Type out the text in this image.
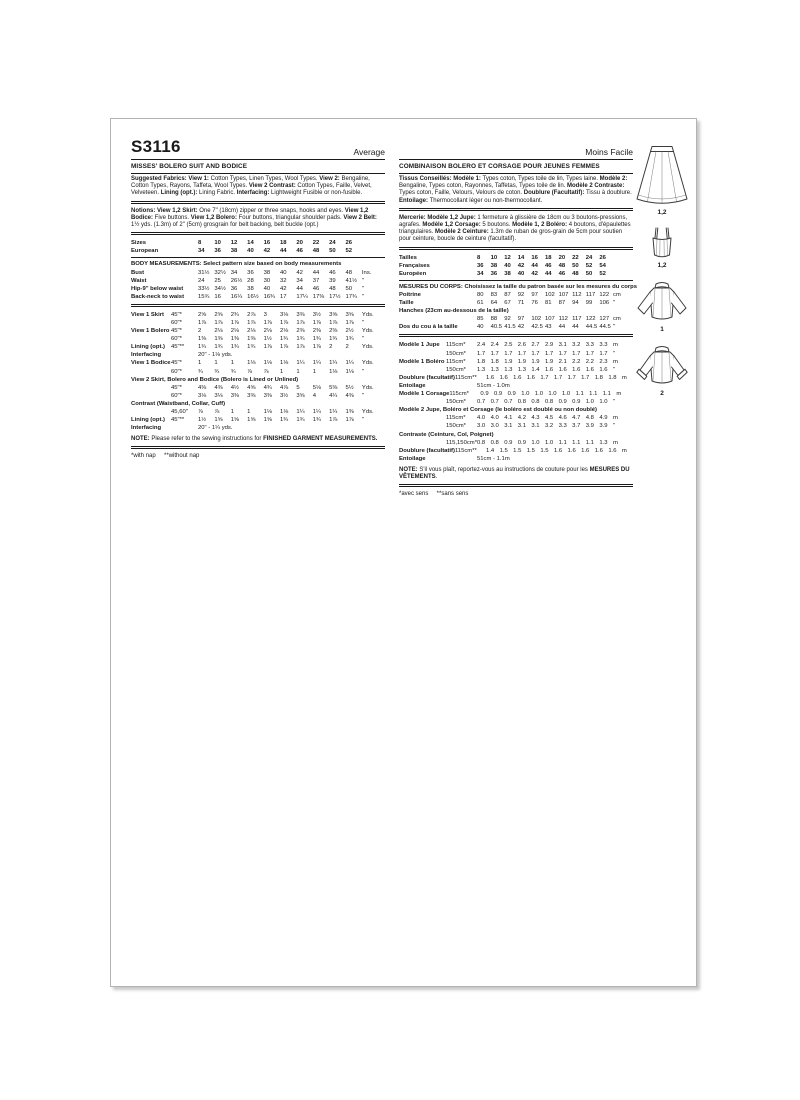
S3116	Average
MISSES' BOLERO SUIT AND BODICE

Suggested Fabrics: View 1: Cotton Types, Linen Types, Wool Types. View 2: Bengaline, Cotton Types, Rayons, Taffeta, Wool Types. View 2 Contrast: Cotton Types, Faille, Velvet, Velveteen. Lining (opt.): Lining Fabric. Interfacing: Lightweight Fusible or non-fusible.

Notions: View 1,2 Skirt: One 7" (18cm) zipper or three snaps, hooks and eyes. View 1,2 Bodice: Five buttons. View 1,2 Bolero: Four buttons, triangular shoulder pads. View 2 Belt: 1½ yds. (1.3m) of 2" (5cm) grosgrain for belt backing, belt buckle (opt.)

Sizes	8	10	12	14	16	18	20	22	24	26
European	34	36	38	40	42	44	46	48	50	52
BODY MEASUREMENTS: Select pattern size based on body measurements
Bust	31½ 32½ 34	36	38	40	42	44	46	48	Ins.
Waist	24	25	26½ 28	30	32	34	37	39	41½ "
Hip-9" below waist	33½ 34½ 36	38	40	42	44	46	48	50	"
Back-neck to waist	15¾ 16	16¼ 16½ 16¾ 17	17¼ 17⅜ 17½ 17¾ "
View 1 Skirt	45"*	2⅝	2⅝	2¾	2⅞	3	3⅛	3⅜	3½	3⅝	3⅝	Yds.
60"*	1⅞	1⅞	1⅞	1⅞	1⅞	1⅞	1⅞	1⅞	1⅞	1⅞	"
View 1 Bolero 45"*	2	2⅛	2⅛	2⅛	2⅛	2⅛	2⅜	2⅜	2⅜	2½	Yds.
60"*	1⅜	1⅜	1⅜	1⅜	1½	1¾	1¾	1¾	1¾	1¾	"
Lining (opt.)	45"**	1¾	1¾	1¾	1¾	1⅞	1⅞	1⅞	1⅞	2	2	Yds.
Interfacing	20" - 1⅛ yds.
View 1 Bodice 45"*	1	1	1	1⅛	1⅛	1⅛	1¼	1¼	1¼	1¼	Yds.
60"*	¾	¾	¾	⅞	⅞	1	1	1	1⅛	1⅛	"
View 2 Skirt, Bolero and Bodice (Bolero is Lined or Unlined)
45"*	4⅜	4⅜	4½	4⅝	4¾	4⅞	5	5⅛	5⅜	5½	Yds.
60"*	3⅛	3⅛	3⅜	3⅜	3⅜	3½	3⅝	4	4¼	4⅜	"
Contrast (Waistband, Collar, Cuff)
45,60"	⅞	⅞	1	1	1⅛	1⅛	1¼	1¼	1¼	1⅜	Yds.
Lining (opt.)	45"**	1½	1⅝	1⅝	1⅝	1⅝	1¾	1¾	1¾	1⅞	1⅞	"
Interfacing	20" - 1¼ yds.

NOTE: Please refer to the sewing instructions for FINISHED GARMENT MEASUREMENTS.

*with nap     **without nap

Moins Facile
COMBINAISON BOLERO ET CORSAGE POUR JEUNES FEMMES

Tissus Conseillés: Modèle 1: Types coton, Types toile de lin, Types laine. Modèle 2: Bengaline, Types coton, Rayonnes, Taffetas, Types toile de lin. Modèle 2 Contraste: Types coton, Faille, Velours, Velours de coton. Doublure (Facultatif): Tissu à doublure. Entoilage: Thermocollant léger ou non-thermocollant.

Mercerie: Modèle 1,2 Jupe: 1 fermeture à glissière de 18cm ou 3 boutons-pressions, agrafes. Modèle 1,2 Corsage: 5 boutons. Modèle 1, 2 Boléro: 4 boutons, d'épaulettes triangulaires. Modèle 2 Ceinture: 1.3m de ruban de gros-grain de 5cm pour soutien pour ceinture, boucle de ceinture (facultatif).

Tailles	8	10	12	14	16	18	20	22	24	26
Françaises	36	38	40	42	44	46	48	50	52	54
Européen	34	36	38	40	42	44	46	48	50	52
MESURES DU CORPS: Choisissez la taille du patron basée sur les mesures du corps
Poitrine	80	83	87	92	97	102 107 112 117 122 cm
Taille	61	64	67	71	76	81	87	94	99	106 "
Hanches (23cm au-dessous de la taille)
85	88	92	97	102 107 112 117 122 127 cm
Dos du cou à la taille	40	40.5 41.5 42	42.5 43	44	44	44.5 44.5 "
Modèle 1 Jupe	115cm*	2.4 2.4 2.5 2.6 2.7 2.9 3.1 3.2 3.3 3.3 m
150cm*	1.7 1.7 1.7 1.7 1.7 1.7 1.7 1.7 1.7 1.7 "
Modèle 1 Boléro 115cm*	1.8 1.8 1.9 1.9 1.9 1.9 2.1 2.2 2.2 2.3 m
150cm*	1.3 1.3 1.3 1.3 1.4 1.6 1.6 1.6 1.6 1.6 "
Doublure (facultatif) 115cm**	1.6 1.6 1.6 1.6 1.7 1.7 1.7 1.7 1.8 1.8 m
Entoilage	51cm - 1.0m
Modèle 1 Corsage 115cm*	0.9 0.9 0.9 1.0 1.0 1.0 1.0 1.1 1.1 1.1 m
150cm*	0.7 0.7 0.7 0.8 0.8 0.8 0.9 0.9 1.0 1.0 "
Modèle 2 Jupe, Boléro et Corsage (le boléro est doublé ou non doublé)
115cm*	4.0 4.0 4.1 4.2 4.3 4.5 4.6 4.7 4.8 4.9 m
150cm*	3.0 3.0 3.1 3.1 3.1 3.2 3.3 3.7 3.9 3.9 "
Contraste (Ceinture, Col, Poignet)
115,150cm* 0.8 0.8 0.9 0.9 1.0 1.0 1.1 1.1 1.1 1.3 m
Doublure (facultatif) 115cm**	1.4 1.5 1.5 1.5 1.5 1.6 1.6 1.6 1.6 1.6 m
Entoilage	51cm - 1.1m

NOTE: S'il vous plaît, reportez-vous au instructions de couture pour les MESURES DU VÊTEMENTS.

*avec sens     **sans sens

1,2
1,2
1
2
